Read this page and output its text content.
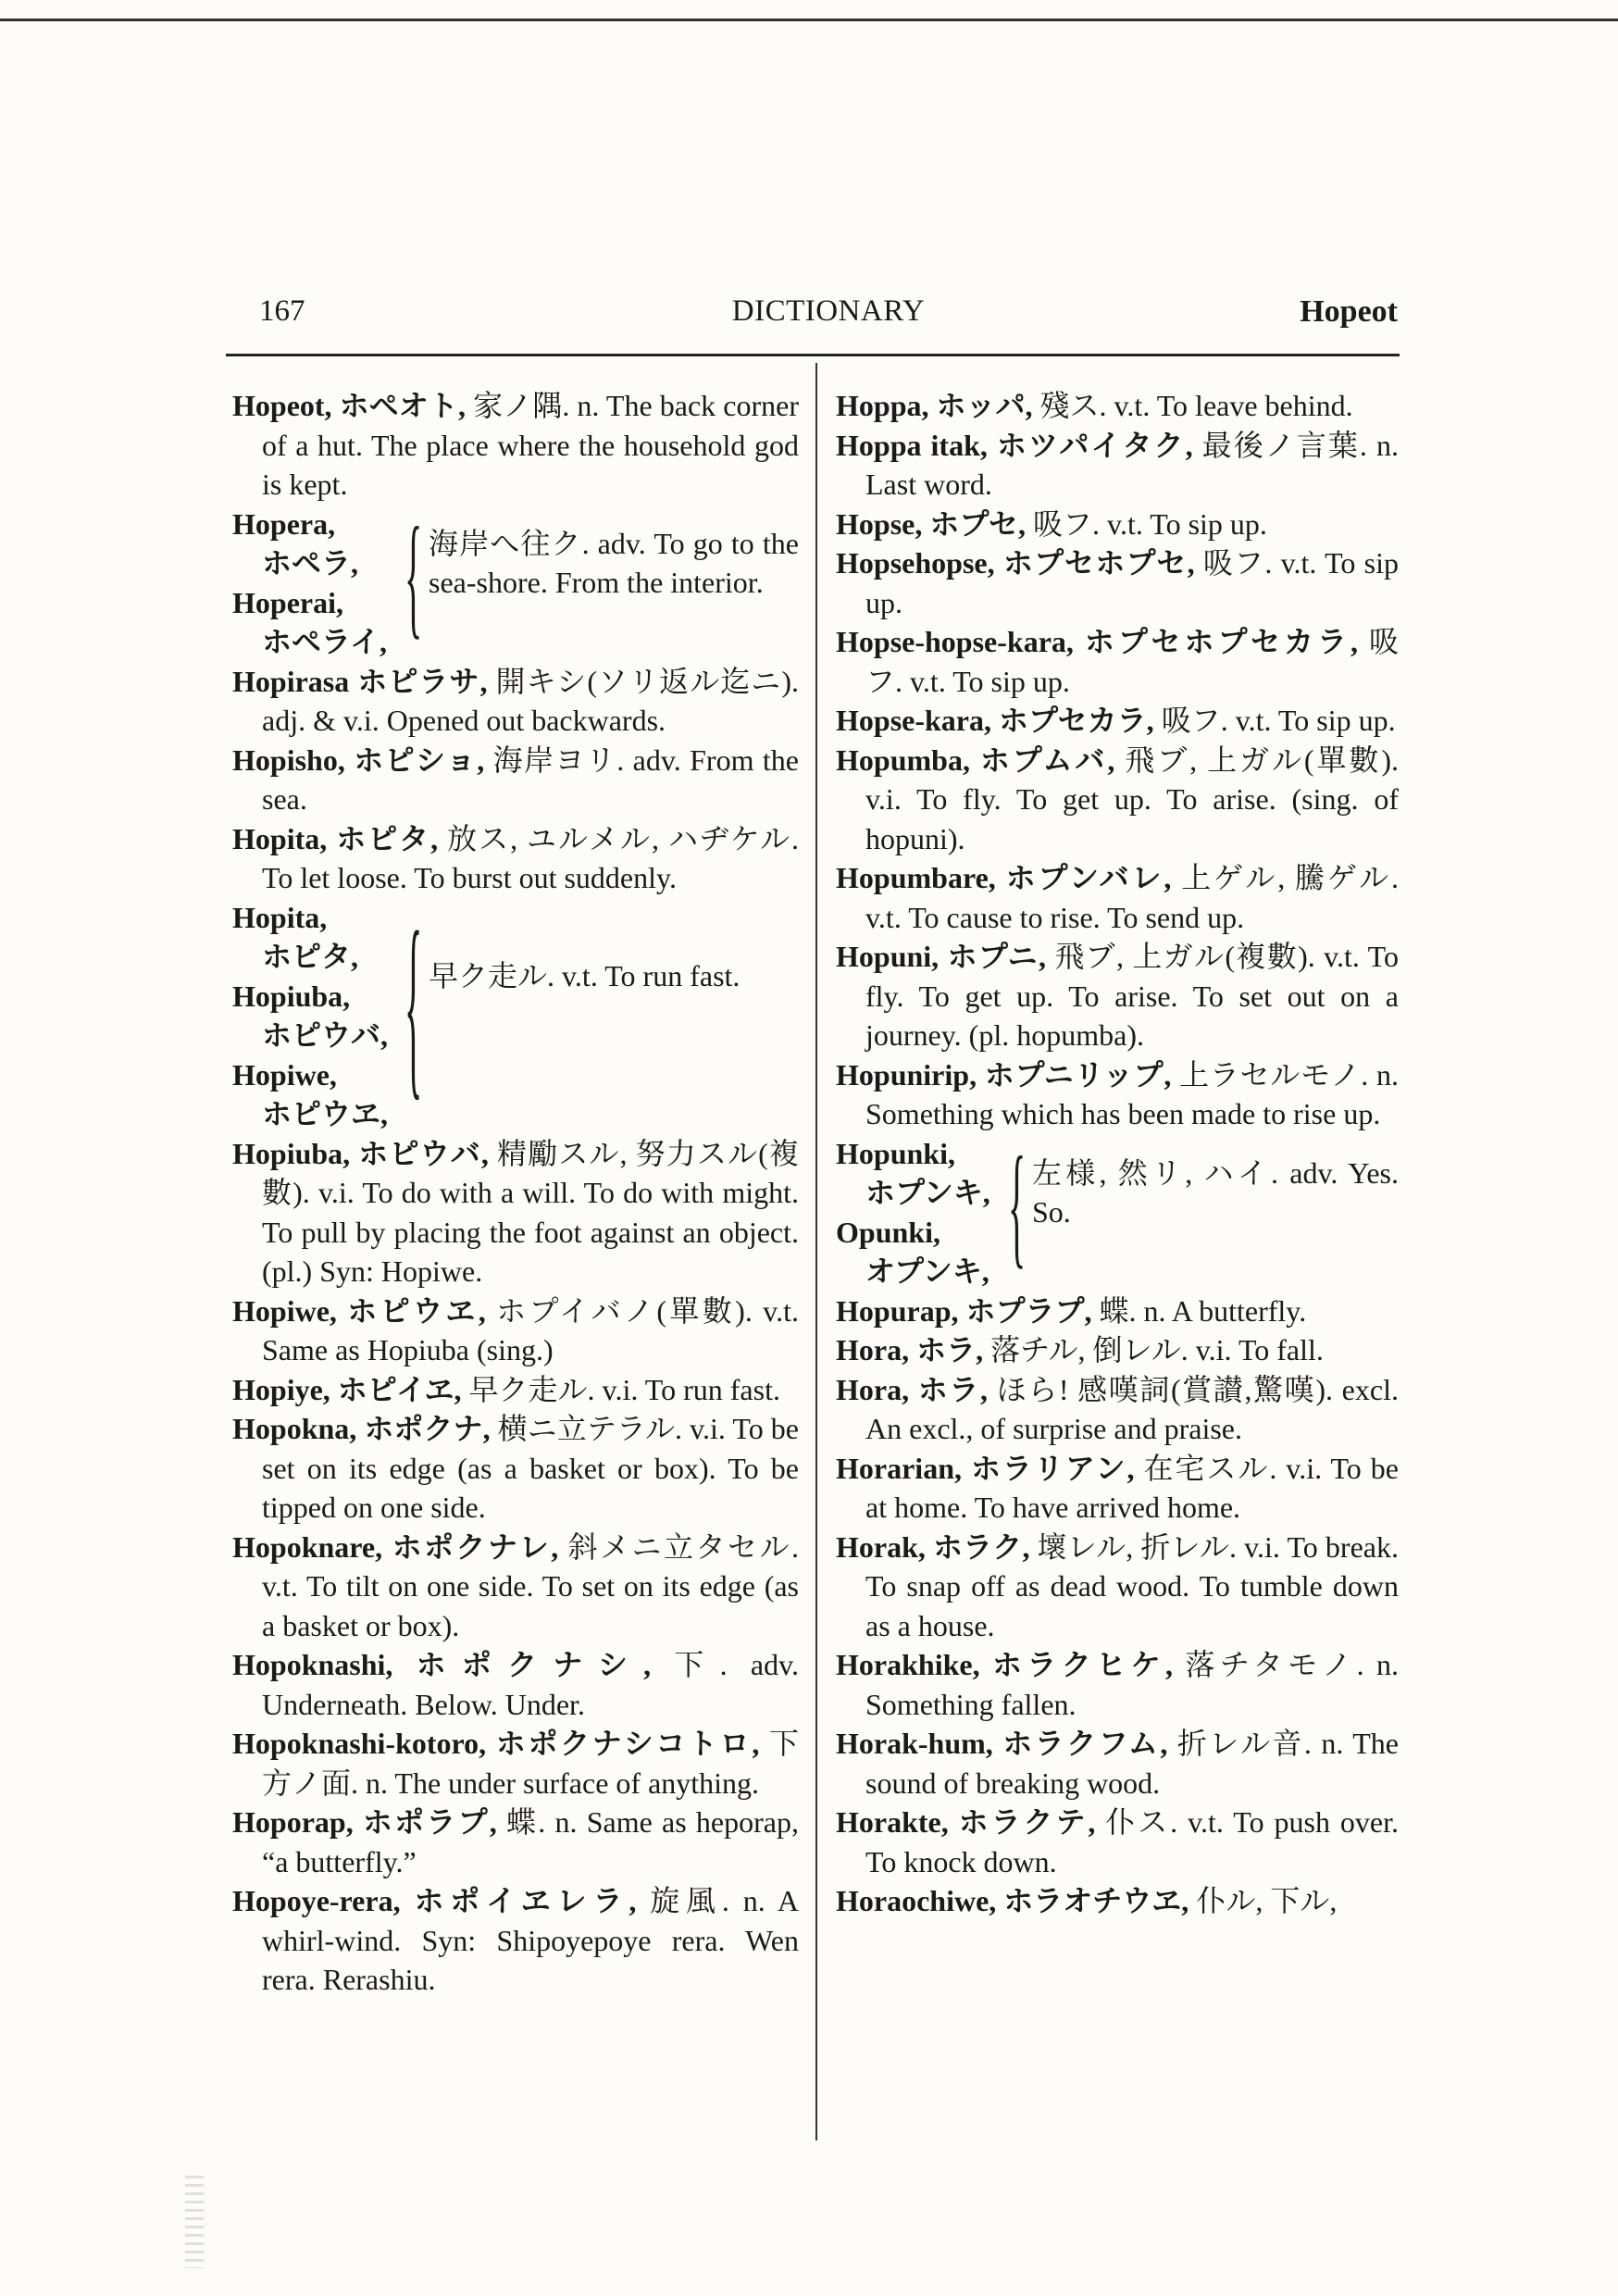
167	DICTIONARY	Hopeot
Hopeot, ホペオト, 家ノ隅. n. The back corner of a hut. The place where the household god is kept.
Hopera,
ホペラ,
Hoperai,
ホペライ, { 海岸へ往ク. adv. To go to the sea-shore. From the interior.
Hopirasa ホピラサ, 開キシ(ソリ返ル迄ニ). adj. & v.i. Opened out backwards.
Hopisho, ホピショ, 海岸ヨリ. adv. From the sea.
Hopita, ホピタ, 放ス, ユルメル, ハヂケル. To let loose. To burst out suddenly.
Hopita,
ホピタ,
Hopiuba,
ホピウバ,
Hopiwe,
ホピウヱ, { 早ク走ル. v.t. To run fast.
Hopiuba, ホピウバ, 精勵スル, 努力スル(複數). v.i. To do with a will. To do with might. To pull by placing the foot against an object. (pl.) Syn: Hopiwe.
Hopiwe, ホピウヱ, ホプイバノ(單數). v.t. Same as Hopiuba (sing.)
Hopiye, ホピイヱ, 早ク走ル. v.i. To run fast.
Hopokna, ホポクナ, 横ニ立テラル. v.i. To be set on its edge (as a basket or box). To be tipped on one side.
Hopoknare, ホポクナレ, 斜メニ立タセル. v.t. To tilt on one side. To set on its edge (as a basket or box).
Hopoknashi, ホポクナシ, 下. adv. Underneath. Below. Under.
Hopoknashi-kotoro, ホポクナシコトロ, 下方ノ面. n. The under surface of anything.
Hoporap, ホポラプ, 蝶. n. Same as heporap, “a butterfly.”
Hopoye-rera, ホポイヱレラ, 旋風. n. A whirl-wind. Syn: Shipoyepoye rera. Wen rera. Rerashiu.
Hoppa, ホッパ, 殘ス. v.t. To leave behind.
Hoppa itak, ホツパイタク, 最後ノ言葉. n. Last word.
Hopse, ホプセ, 吸フ. v.t. To sip up.
Hopsehopse, ホプセホプセ, 吸フ. v.t. To sip up.
Hopse-hopse-kara, ホプセホプセカラ, 吸フ. v.t. To sip up.
Hopse-kara, ホプセカラ, 吸フ. v.t. To sip up.
Hopumba, ホプムバ, 飛ブ, 上ガル(單數). v.i. To fly. To get up. To arise. (sing. of hopuni).
Hopumbare, ホプンバレ, 上ゲル, 騰ゲル. v.t. To cause to rise. To send up.
Hopuni, ホプニ, 飛ブ, 上ガル(複數). v.t. To fly. To get up. To arise. To set out on a journey. (pl. hopumba).
Hopunirip, ホプニリップ, 上ラセルモノ. n. Something which has been made to rise up.
Hopunki,
ホプンキ,
Opunki,
オプンキ, { 左様, 然リ, ハイ. adv. Yes. So.
Hopurap, ホプラプ, 蝶. n. A butterfly.
Hora, ホラ, 落チル, 倒レル. v.i. To fall.
Hora, ホラ, ほら! 感嘆詞(賞讃,驚嘆). excl. An excl., of surprise and praise.
Horarian, ホラリアン, 在宅スル. v.i. To be at home. To have arrived home.
Horak, ホラク, 壞レル, 折レル. v.i. To break. To snap off as dead wood. To tumble down as a house.
Horakhike, ホラクヒケ, 落チタモノ. n. Something fallen.
Horak-hum, ホラクフム, 折レル音. n. The sound of breaking wood.
Horakte, ホラクテ, 仆ス. v.t. To push over. To knock down.
Horaochiwe, ホラオチウヱ, 仆ル, 下ル,
